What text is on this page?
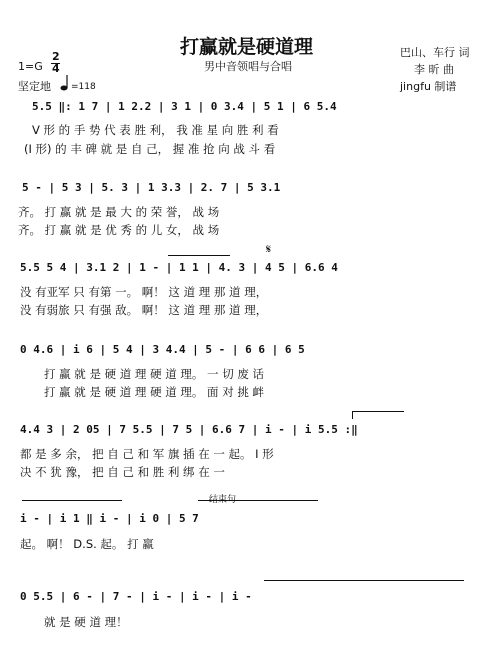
打赢就是硬道理
男中音领唱与合唱
1=G
2
4
坚定地 =118
巴山、车行 词
李 昕 曲
jingfu 制谱
5.5 ‖: 1 7 | 1 2.2 | 3 1 | 0 3.4 | 5 1 | 6 5.4
V 形 的 手 势 代 表 胜 利， 我 准 星 向 胜 利 看
(I 形) 的 丰 碑 就 是 自 己， 握 准 抢 向 战 斗 看
5 - | 5 3 | 5. 3 | 1 3.3 | 2. 7 | 5 3.1
齐。 打 赢 就 是 最 大 的 荣 誉， 战 场
齐。 打 赢 就 是 优 秀 的 儿 女， 战 场
𝄋
5.5 5 4 | 3.1 2 | 1 - | 1 1 | 4. 3 | 4 5 | 6.6 4
没 有亚军 只 有第 一。 啊！ 这 道 理 那 道 理，
没 有弱旅 只 有强 敌。 啊！ 这 道 理 那 道 理，
0 4.6 | i 6 | 5 4 | 3 4.4 | 5 - | 6 6 | 6 5
打 赢 就 是 硬 道 理 硬 道 理。 一 切 废 话
打 赢 就 是 硬 道 理 硬 道 理。 面 对 挑 衅
4.4 3 | 2 05 | 7 5.5 | 7 5 | 6.6 7 | i - | i 5.5 :‖
都 是 多 余， 把 自 己 和 军 旗 插 在 一 起。 I 形
决 不 犹 豫， 把 自 己 和 胜 利 绑 在 一
结束句
i - | i 1 ‖ i - | i 0 | 5 7
起。 啊！ D.S. 起。 打 赢
0 5.5 | 6 - | 7 - | i - | i - | i -
就 是 硬 道 理！
